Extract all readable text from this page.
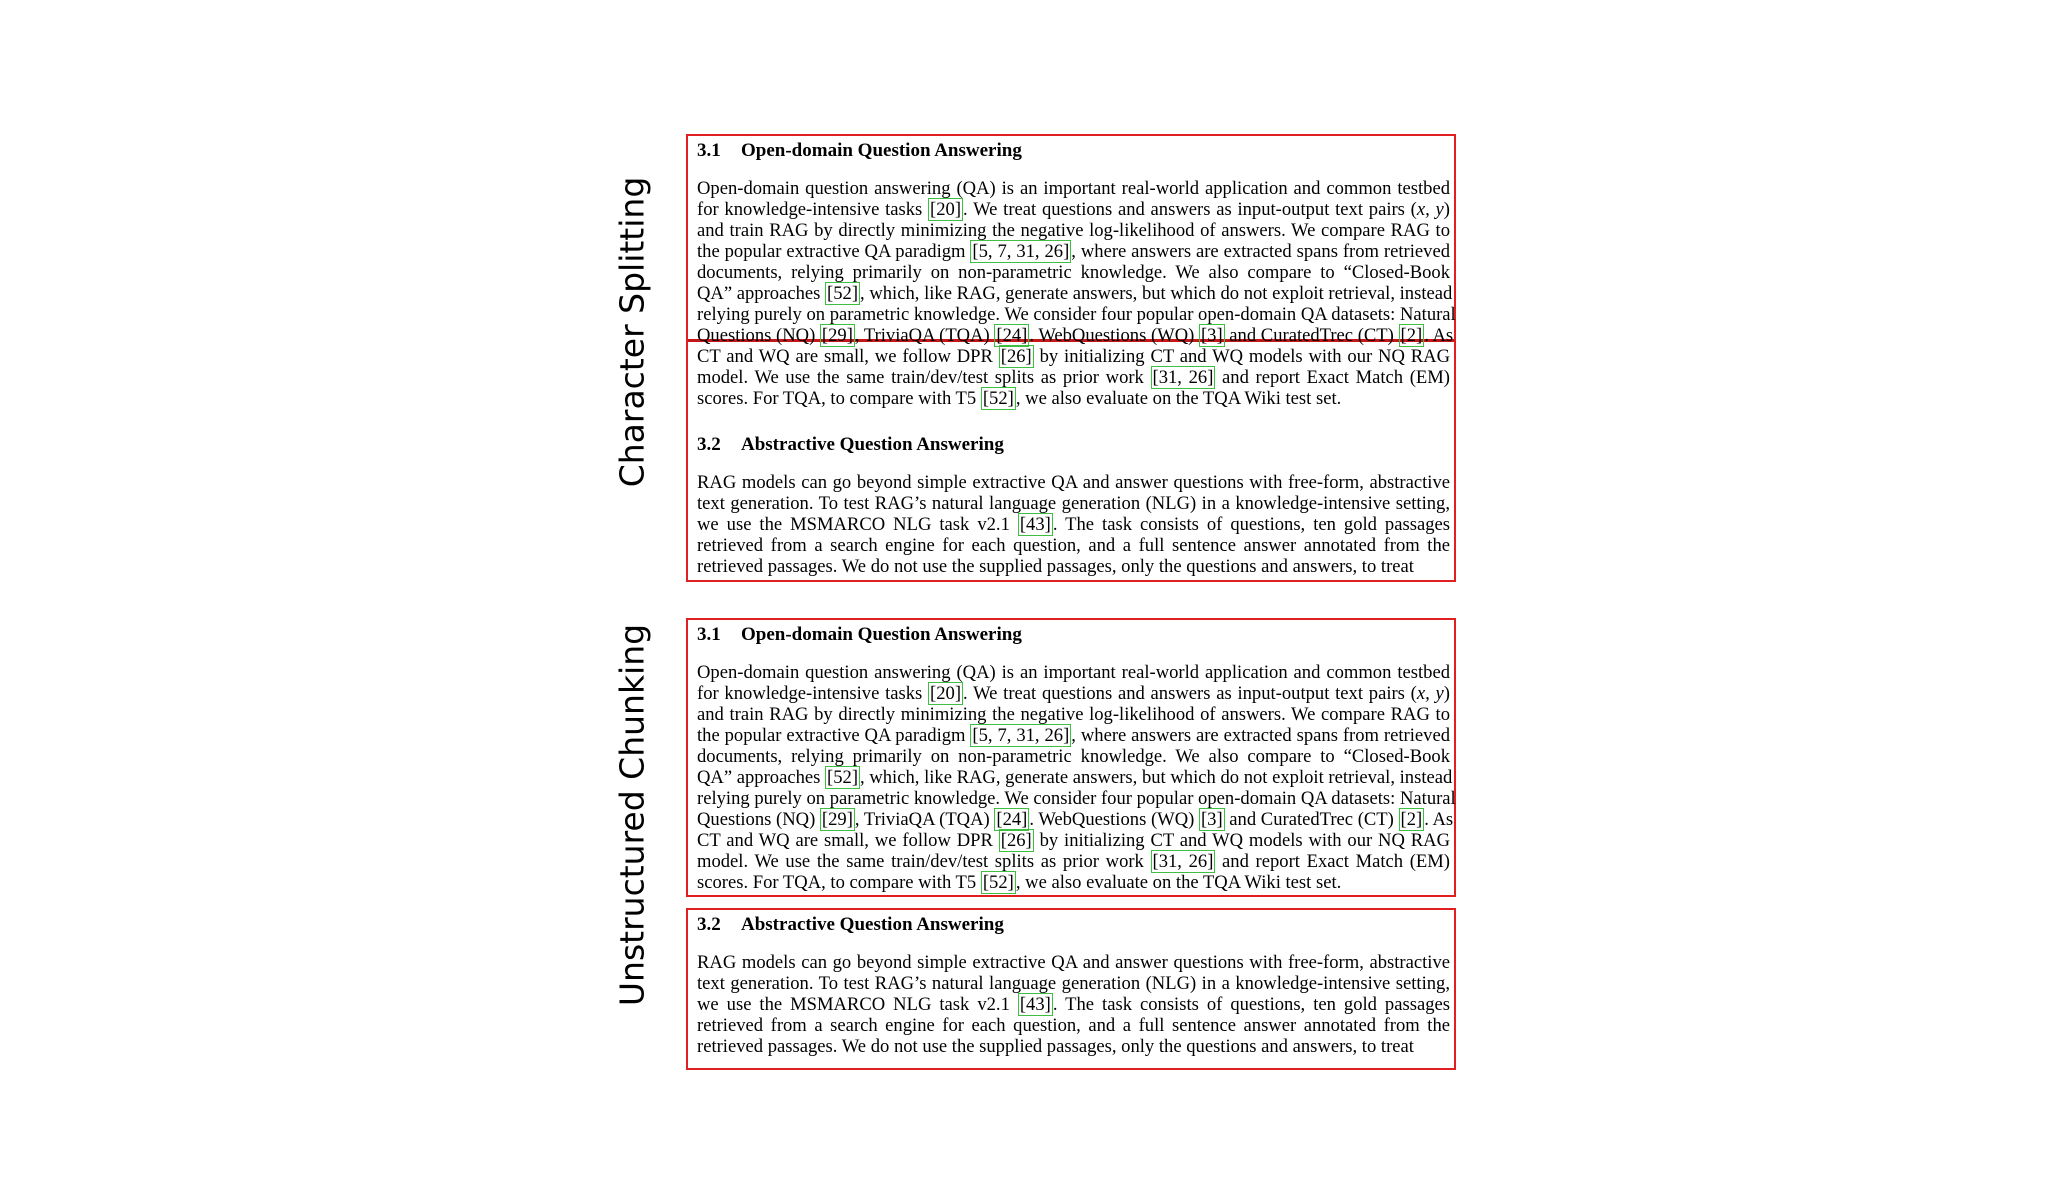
Character Splitting
Unstructured Chunking
3.1 Open-domain Question Answering
Open-domain question answering (QA) is an important real-world application and common testbed
for knowledge-intensive tasks [20] . We treat questions and answers as input-output text pairs (x, y)
and train RAG by directly minimizing the negative log-likelihood of answers. We compare RAG to
the popular extractive QA paradigm [5, 7, 31, 26] , where answers are extracted spans from retrieved
documents, relying primarily on non-parametric knowledge. We also compare to “Closed-Book
QA” approaches [52] , which, like RAG, generate answers, but which do not exploit retrieval, instead
relying purely on parametric knowledge. We consider four popular open-domain QA datasets: Natural
Questions (NQ) [29] , TriviaQA (TQA) [24] . WebQuestions (WQ) [3] and CuratedTrec (CT) [2] . As
CT and WQ are small, we follow DPR [26] by initializing CT and WQ models with our NQ RAG
model. We use the same train/dev/test splits as prior work [31, 26] and report Exact Match (EM)
scores. For TQA, to compare with T5 [52] , we also evaluate on the TQA Wiki test set.
3.2 Abstractive Question Answering
RAG models can go beyond simple extractive QA and answer questions with free-form, abstractive
text generation. To test RAG’s natural language generation (NLG) in a knowledge-intensive setting,
we use the MSMARCO NLG task v2.1 [43] . The task consists of questions, ten gold passages
retrieved from a search engine for each question, and a full sentence answer annotated from the
retrieved passages. We do not use the supplied passages, only the questions and answers, to treat
3.1 Open-domain Question Answering
Open-domain question answering (QA) is an important real-world application and common testbed
for knowledge-intensive tasks [20] . We treat questions and answers as input-output text pairs (x, y)
and train RAG by directly minimizing the negative log-likelihood of answers. We compare RAG to
the popular extractive QA paradigm [5, 7, 31, 26] , where answers are extracted spans from retrieved
documents, relying primarily on non-parametric knowledge. We also compare to “Closed-Book
QA” approaches [52] , which, like RAG, generate answers, but which do not exploit retrieval, instead
relying purely on parametric knowledge. We consider four popular open-domain QA datasets: Natural
Questions (NQ) [29] , TriviaQA (TQA) [24] . WebQuestions (WQ) [3] and CuratedTrec (CT) [2] . As
CT and WQ are small, we follow DPR [26] by initializing CT and WQ models with our NQ RAG
model. We use the same train/dev/test splits as prior work [31, 26] and report Exact Match (EM)
scores. For TQA, to compare with T5 [52] , we also evaluate on the TQA Wiki test set.
3.2 Abstractive Question Answering
RAG models can go beyond simple extractive QA and answer questions with free-form, abstractive
text generation. To test RAG’s natural language generation (NLG) in a knowledge-intensive setting,
we use the MSMARCO NLG task v2.1 [43] . The task consists of questions, ten gold passages
retrieved from a search engine for each question, and a full sentence answer annotated from the
retrieved passages. We do not use the supplied passages, only the questions and answers, to treat
